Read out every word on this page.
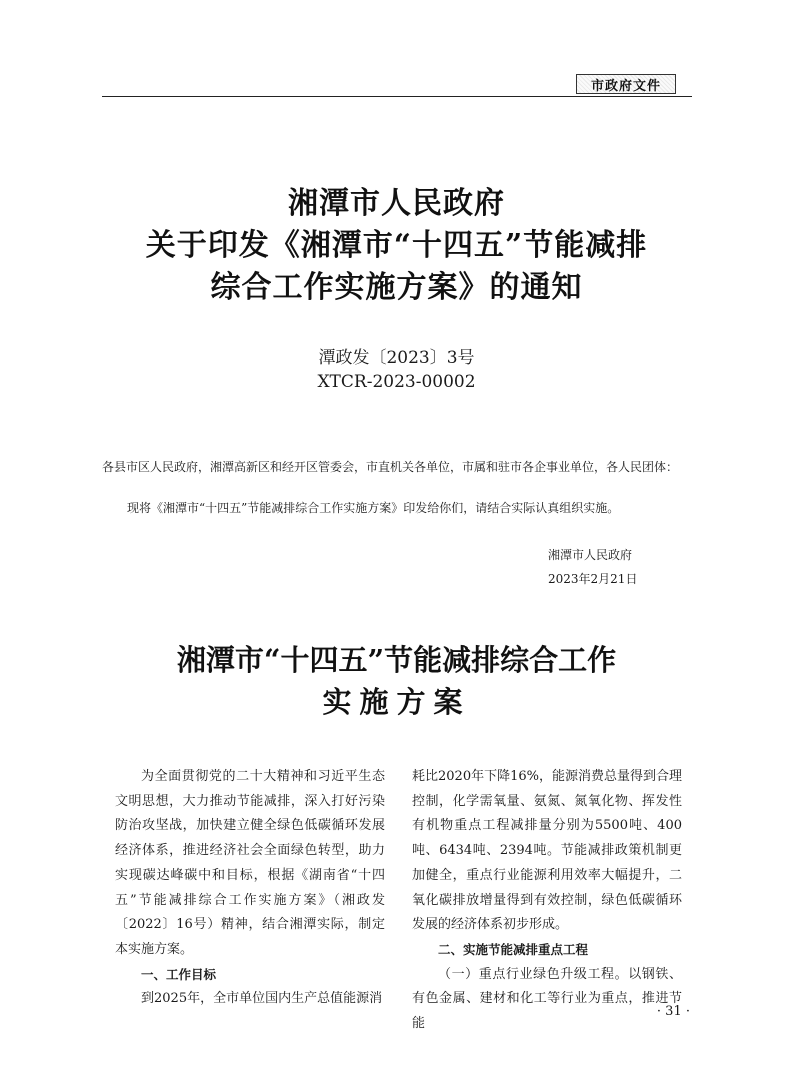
市政府文件
湘潭市人民政府
关于印发《湘潭市“十四五”节能减排
综合工作实施方案》的通知
潭政发〔2023〕3号
XTCR-2023-00002
各县市区人民政府，湘潭高新区和经开区管委会，市直机关各单位，市属和驻市各企事业单位，各人民团体：
现将《湘潭市“十四五”节能减排综合工作实施方案》印发给你们，请结合实际认真组织实施。
湘潭市人民政府
2023年2月21日
湘潭市“十四五”节能减排综合工作
实施方案

为全面贯彻党的二十大精神和习近平生态文明思想，大力推动节能减排，深入打好污染防治攻坚战，加快建立健全绿色低碳循环发展经济体系，推进经济社会全面绿色转型，助力实现碳达峰碳中和目标，根据《湖南省“十四五”节能减排综合工作实施方案》（湘政发〔2022〕16号）精神，结合湘潭实际，制定本实施方案。

一、工作目标

到2025年，全市单位国内生产总值能源消

耗比2020年下降16%，能源消费总量得到合理控制，化学需氧量、氨氮、氮氧化物、挥发性有机物重点工程减排量分别为5500吨、400吨、6434吨、2394吨。节能减排政策机制更加健全，重点行业能源利用效率大幅提升，二氧化碳排放增量得到有效控制，绿色低碳循环发展的经济体系初步形成。

二、实施节能减排重点工程

（一）重点行业绿色升级工程。以钢铁、有色金属、建材和化工等行业为重点，推进节能

· 31 ·
